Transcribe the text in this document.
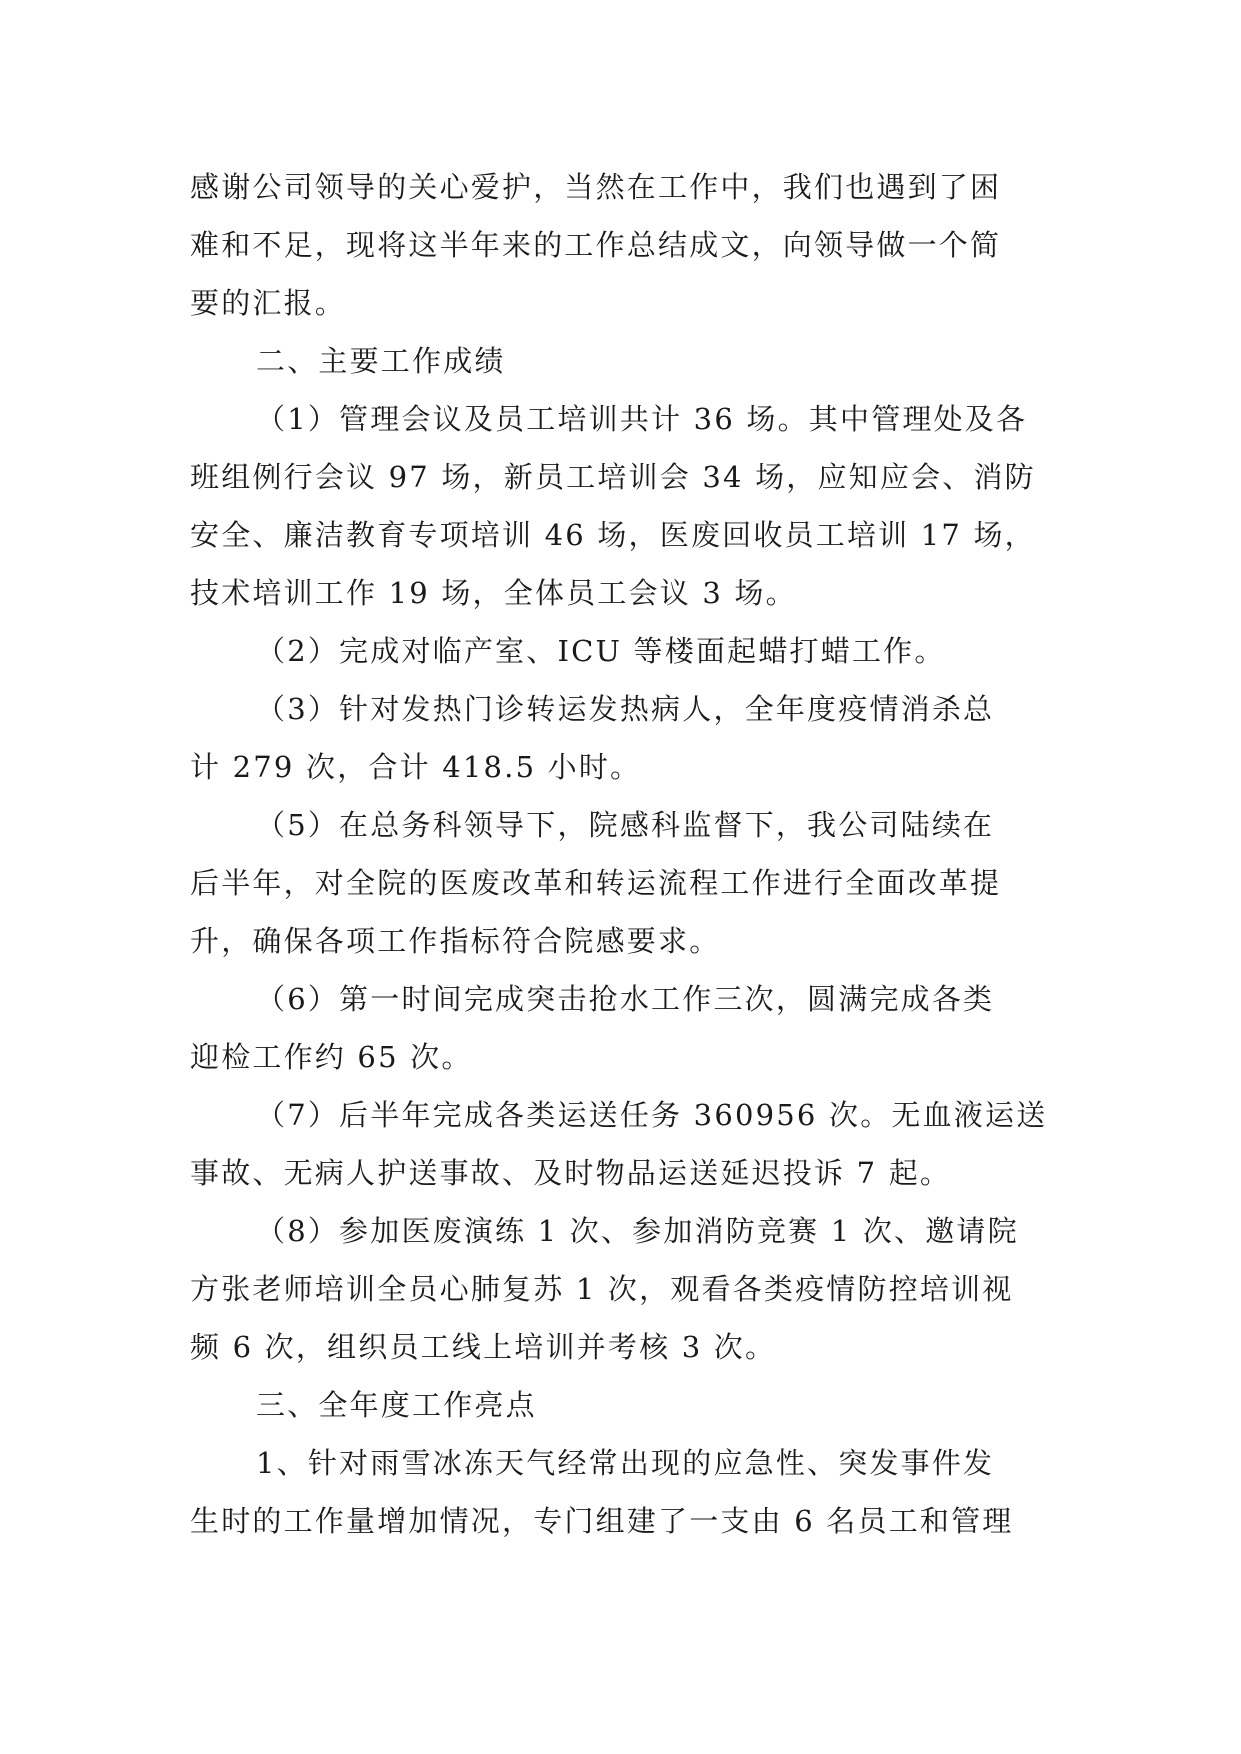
感谢公司领导的关心爱护，当然在工作中，我们也遇到了困
难和不足，现将这半年来的工作总结成文，向领导做一个简
要的汇报。
二、主要工作成绩
（1）管理会议及员工培训共计 36 场。其中管理处及各
班组例行会议 97 场，新员工培训会 34 场，应知应会、消防
安全、廉洁教育专项培训 46 场，医废回收员工培训 17 场，
技术培训工作 19 场，全体员工会议 3 场。
（2）完成对临产室、ICU 等楼面起蜡打蜡工作。
（3）针对发热门诊转运发热病人，全年度疫情消杀总
计 279 次，合计 418.5 小时。
（5）在总务科领导下，院感科监督下，我公司陆续在
后半年，对全院的医废改革和转运流程工作进行全面改革提
升，确保各项工作指标符合院感要求。
（6）第一时间完成突击抢水工作三次，圆满完成各类
迎检工作约 65 次。
（7）后半年完成各类运送任务 360956 次。无血液运送
事故、无病人护送事故、及时物品运送延迟投诉 7 起。
（8）参加医废演练 1 次、参加消防竞赛 1 次、邀请院
方张老师培训全员心肺复苏 1 次，观看各类疫情防控培训视
频 6 次，组织员工线上培训并考核 3 次。
三、全年度工作亮点
1、针对雨雪冰冻天气经常出现的应急性、突发事件发
生时的工作量增加情况，专门组建了一支由 6 名员工和管理
